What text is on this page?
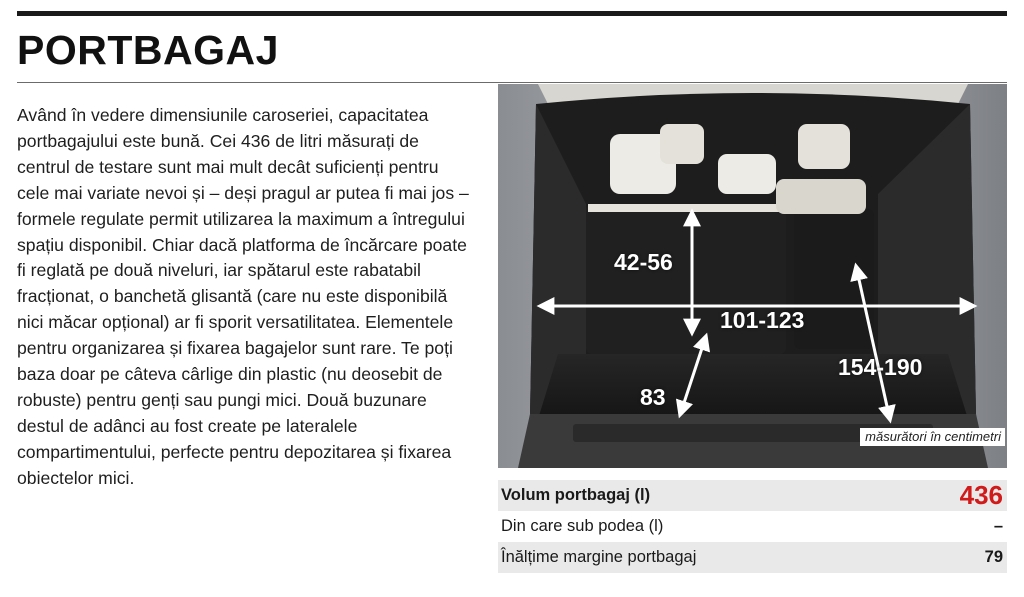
PORTBAGAJ

Având în vedere dimensiunile caroseriei, capacitatea portbagajului este bună. Cei 436 de litri măsurați de centrul de testare sunt mai mult decât suficienți pentru cele mai variate nevoi și – deși pragul ar putea fi mai jos – formele regulate permit utilizarea la maximum a întregului spațiu disponibil. Chiar dacă platforma de încărcare poate fi reglată pe două niveluri, iar spătarul este rabatabil fracționat, o banchetă glisantă (care nu este disponibilă nici măcar opțional) ar fi sporit versatilitatea. Elementele pentru organizarea și fixarea bagajelor sunt rare. Te poți baza doar pe câteva cârlige din plastic (nu deosebit de robuste) pentru genți sau pungi mici. Două buzunare destul de adânci au fost create pe lateralele compartimentului, perfecte pentru depozitarea și fixarea obiectelor mici.

42-56
101-123
154-190
83
măsurători în centimetri
Volum portbagaj (l)	436
Din care sub podea (l)	–
Înălțime margine portbagaj	79
